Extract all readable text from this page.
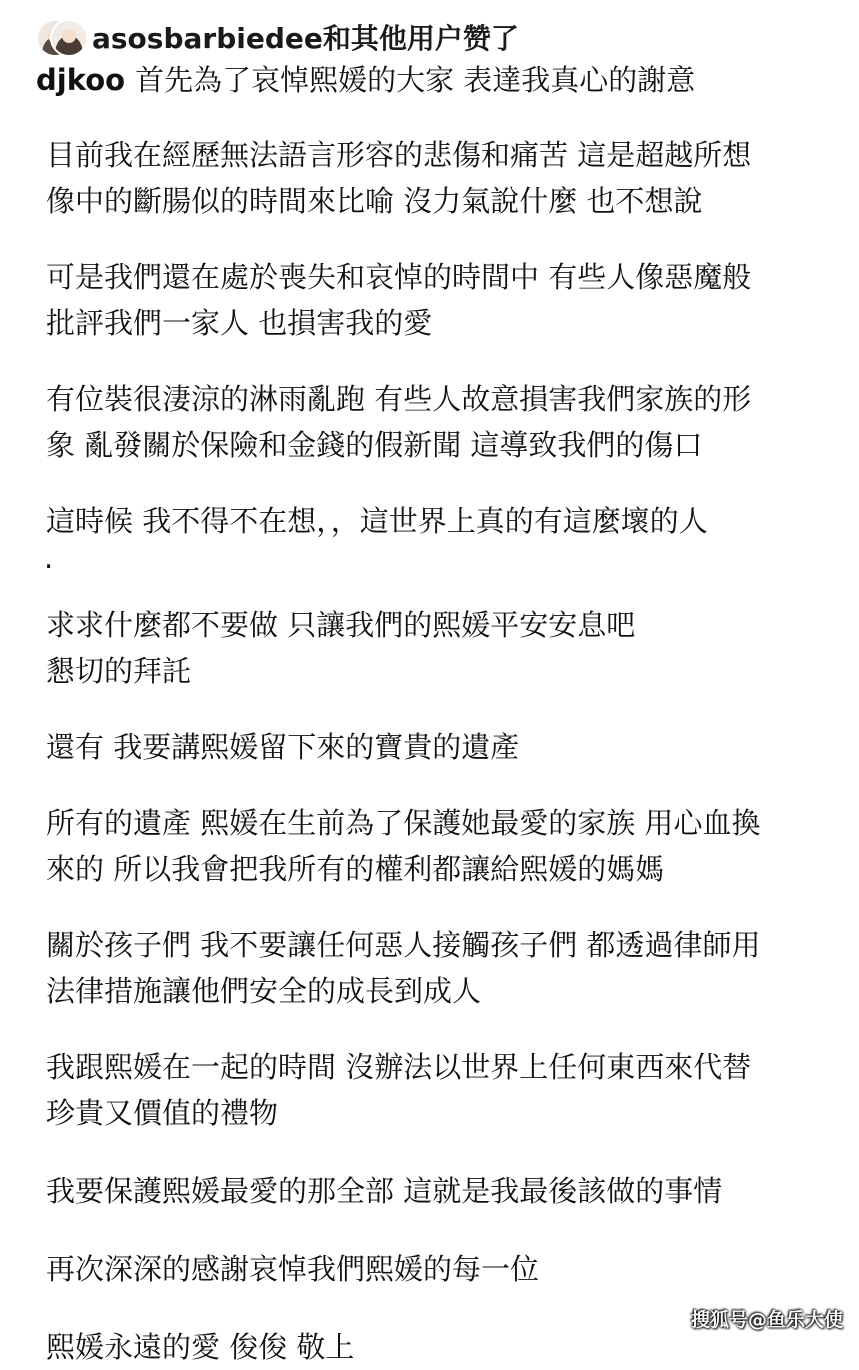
asosbarbiedee和其他用户赞了
djkoo 首先為了哀悼熙媛的大家 表達我真心的謝意
目前我在經歷無法語言形容的悲傷和痛苦 這是超越所想
像中的斷腸似的時間來比喻 沒力氣說什麼 也不想說
可是我們還在處於喪失和哀悼的時間中 有些人像惡魔般
批評我們一家人 也損害我的愛
有位裝很淒涼的淋雨亂跑 有些人故意損害我們家族的形
象 亂發關於保險和金錢的假新聞 這導致我們的傷口
這時候 我不得不在想，，這世界上真的有這麼壞的人
.
求求什麼都不要做 只讓我們的熙媛平安安息吧
懇切的拜託
還有 我要講熙媛留下來的寶貴的遺產
所有的遺產 熙媛在生前為了保護她最愛的家族 用心血換
來的 所以我會把我所有的權利都讓給熙媛的媽媽
關於孩子們 我不要讓任何惡人接觸孩子們 都透過律師用
法律措施讓他們安全的成長到成人
我跟熙媛在一起的時間 沒辦法以世界上任何東西來代替
珍貴又價值的禮物
我要保護熙媛最愛的那全部 這就是我最後該做的事情
再次深深的感謝哀悼我們熙媛的每一位
熙媛永遠的愛 俊俊 敬上
搜狐号@鱼乐大使
